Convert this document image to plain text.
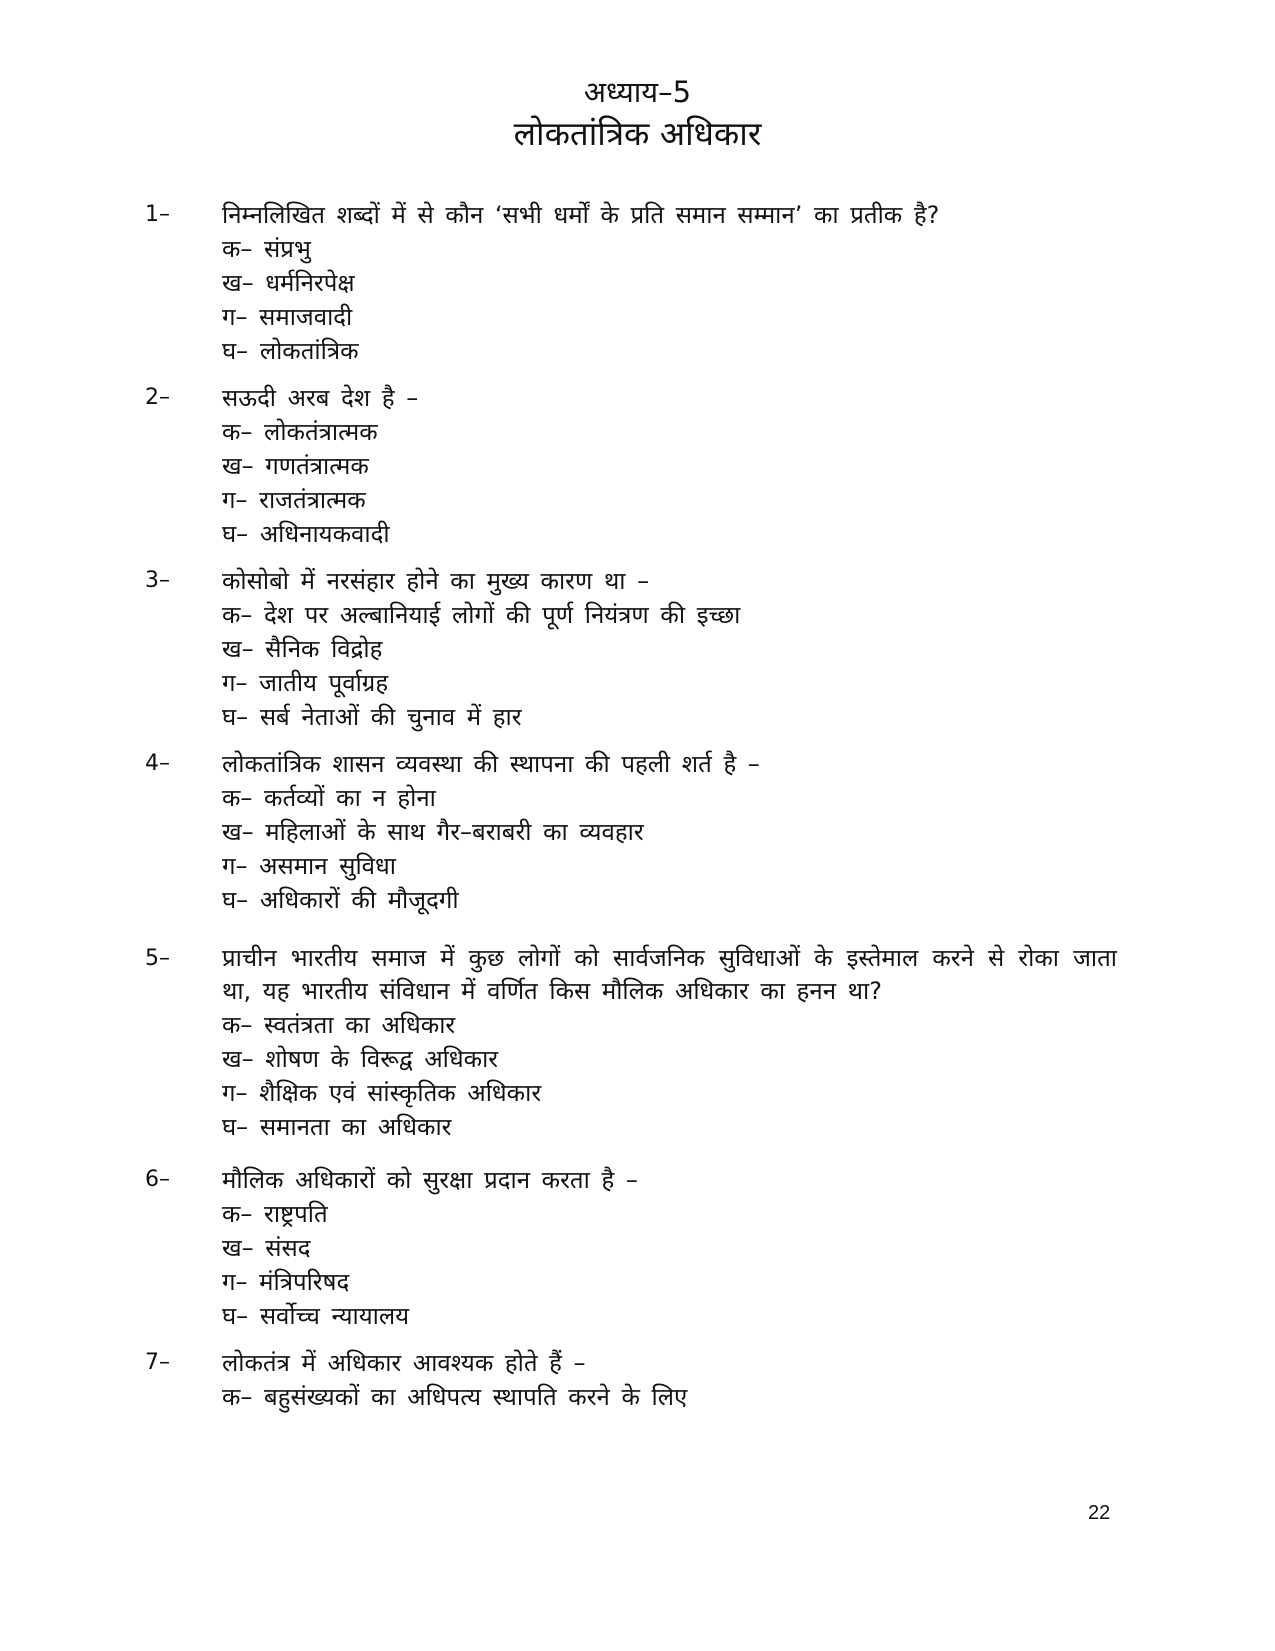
अध्याय–5
लोकतांत्रिक अधिकार
1– निम्नलिखित शब्दों में से कौन ‘सभी धर्मों के प्रति समान सम्मान’ का प्रतीक है?

क– संप्रभु
ख– धर्मनिरपेक्ष
ग– समाजवादी
घ– लोकतांत्रिक
2– सऊदी अरब देश है –

क– लोकतंत्रात्मक
ख– गणतंत्रात्मक
ग– राजतंत्रात्मक
घ– अधिनायकवादी
3– कोसोबो में नरसंहार होने का मुख्य कारण था –

क– देश पर अल्बानियाई लोगों की पूर्ण नियंत्रण की इच्छा
ख– सैनिक विद्रोह
ग– जातीय पूर्वाग्रह
घ– सर्ब नेताओं की चुनाव में हार
4– लोकतांत्रिक शासन व्यवस्था की स्थापना की पहली शर्त है –

क– कर्तव्यों का न होना
ख– महिलाओं के साथ गैर–बराबरी का व्यवहार
ग– असमान सुविधा
घ– अधिकारों की मौजूदगी
5– प्राचीन भारतीय समाज में कुछ लोगों को सार्वजनिक सुविधाओं के इस्तेमाल करने से रोका जाता था, यह भारतीय संविधान में वर्णित किस मौलिक अधिकार का हनन था?

क– स्वतंत्रता का अधिकार
ख– शोषण के विरूद्व अधिकार
ग– शैक्षिक एवं सांस्कृतिक अधिकार
घ– समानता का अधिकार
6– मौलिक अधिकारों को सुरक्षा प्रदान करता है –

क– राष्ट्रपति
ख– संसद
ग– मंत्रिपरिषद
घ– सर्वोच्च न्यायालय
7– लोकतंत्र में अधिकार आवश्यक होते हैं –

क– बहुसंख्यकों का अधिपत्य स्थापति करने के लिए
22
